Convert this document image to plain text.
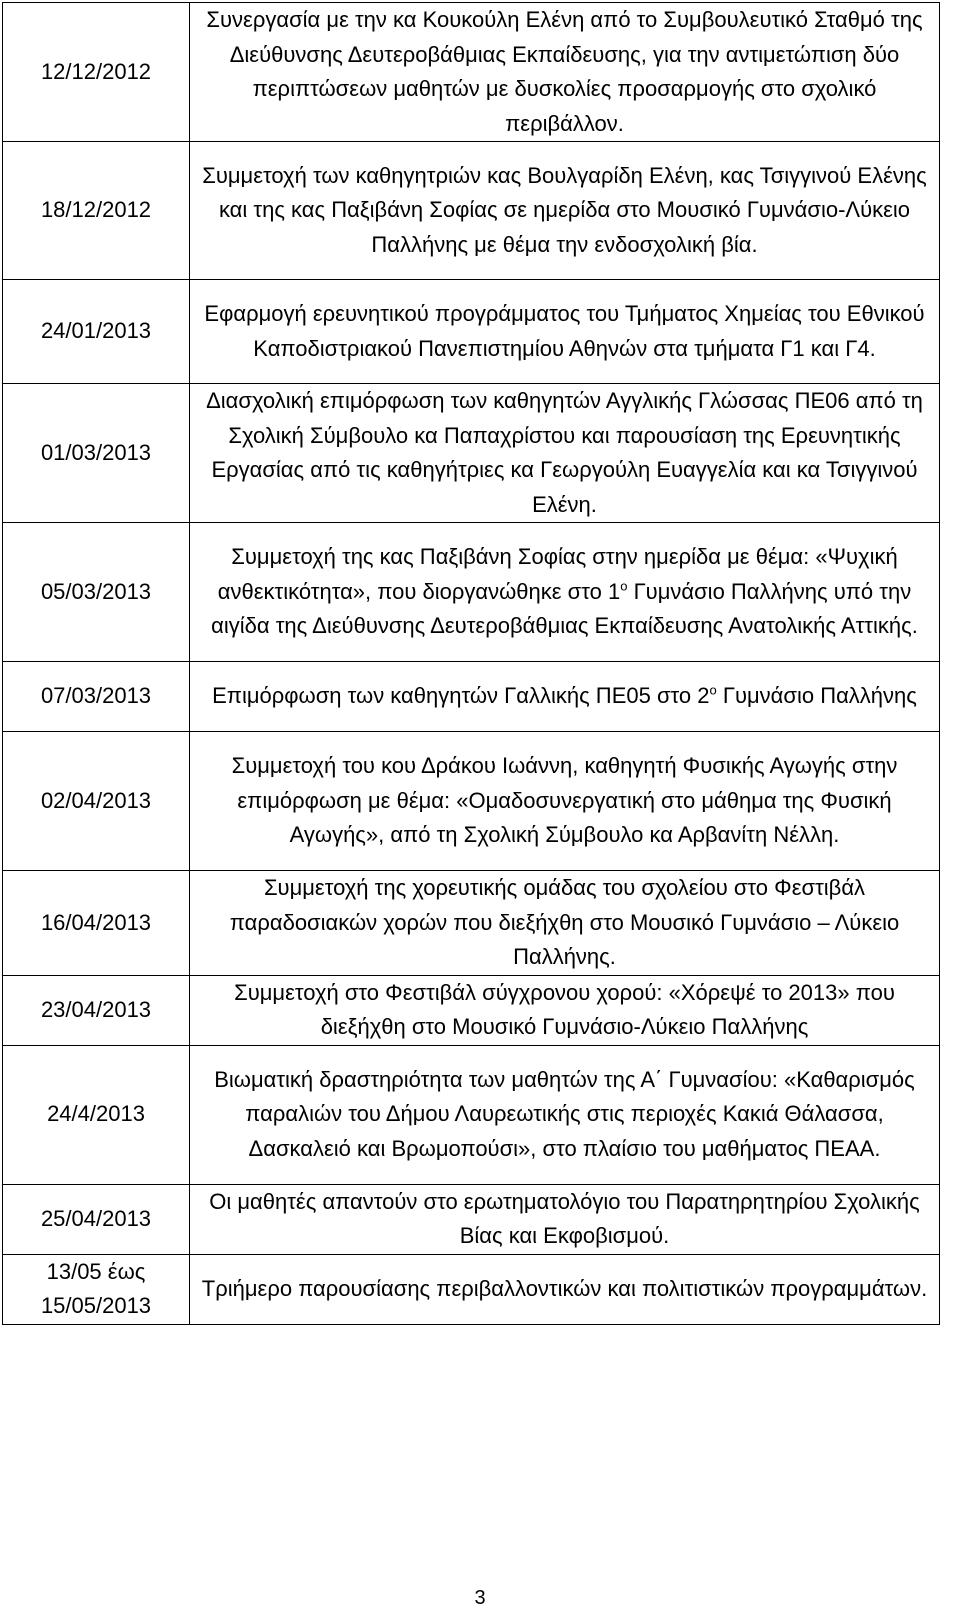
12/12/2012	Συνεργασία με την κα Κουκούλη Ελένη από το Συμβουλευτικό Σταθμό της Διεύθυνσης Δευτεροβάθμιας Εκπαίδευσης, για την αντιμετώπιση δύο περιπτώσεων μαθητών με δυσκολίες προσαρμογής στο σχολικό περιβάλλον.
18/12/2012	Συμμετοχή των καθηγητριών κας Βουλγαρίδη Ελένη, κας Τσιγγινού Ελένης και της κας Παξιβάνη Σοφίας σε ημερίδα στο Μουσικό Γυμνάσιο-Λύκειο Παλλήνης με θέμα την ενδοσχολική βία.
24/01/2013	Εφαρμογή ερευνητικού προγράμματος του Τμήματος Χημείας του Εθνικού Καποδιστριακού Πανεπιστημίου Αθηνών στα τμήματα Γ1 και Γ4.
01/03/2013	Διασχολική επιμόρφωση των καθηγητών Αγγλικής Γλώσσας ΠΕ06 από τη Σχολική Σύμβουλο κα Παπαχρίστου και παρουσίαση της Ερευνητικής Εργασίας από τις καθηγήτριες κα Γεωργούλη Ευαγγελία και κα Τσιγγινού Ελένη.
05/03/2013	Συμμετοχή της κας Παξιβάνη Σοφίας στην ημερίδα με θέμα: «Ψυχική ανθεκτικότητα», που διοργανώθηκε στο $1^o$ Γυμνάσιο Παλλήνης υπό την αιγίδα της Διεύθυνσης Δευτεροβάθμιας Εκπαίδευσης Ανατολικής Αττικής.
07/03/2013	Επιμόρφωση των καθηγητών Γαλλικής ΠΕ05 στο $2^o$ Γυμνάσιο Παλλήνης
02/04/2013	Συμμετοχή του κου Δράκου Ιωάννη, καθηγητή Φυσικής Αγωγής στην επιμόρφωση με θέμα: «Ομαδοσυνεργατική στο μάθημα της Φυσική Αγωγής», από τη Σχολική Σύμβουλο κα Αρβανίτη Νέλλη.
16/04/2013	Συμμετοχή της χορευτικής ομάδας του σχολείου στο Φεστιβάλ παραδοσιακών χορών που διεξήχθη στο Μουσικό Γυμνάσιο – Λύκειο Παλλήνης.
23/04/2013	Συμμετοχή στο Φεστιβάλ σύγχρονου χορού: «Χόρεψέ το 2013» που διεξήχθη στο Μουσικό Γυμνάσιο-Λύκειο Παλλήνης
24/4/2013	Βιωματική δραστηριότητα των μαθητών της Α΄ Γυμνασίου: «Καθαρισμός παραλιών του Δήμου Λαυρεωτικής στις περιοχές Κακιά Θάλασσα, Δασκαλειό και Βρωμοπούσι», στο πλαίσιο του μαθήματος ΠΕΑΑ.
25/04/2013	Οι μαθητές απαντούν στο ερωτηματολόγιο του Παρατηρητηρίου Σχολικής Βίας και Εκφοβισμού.
13/05 έως 15/05/2013	Τριήμερο παρουσίασης περιβαλλοντικών και πολιτιστικών προγραμμάτων.
3
